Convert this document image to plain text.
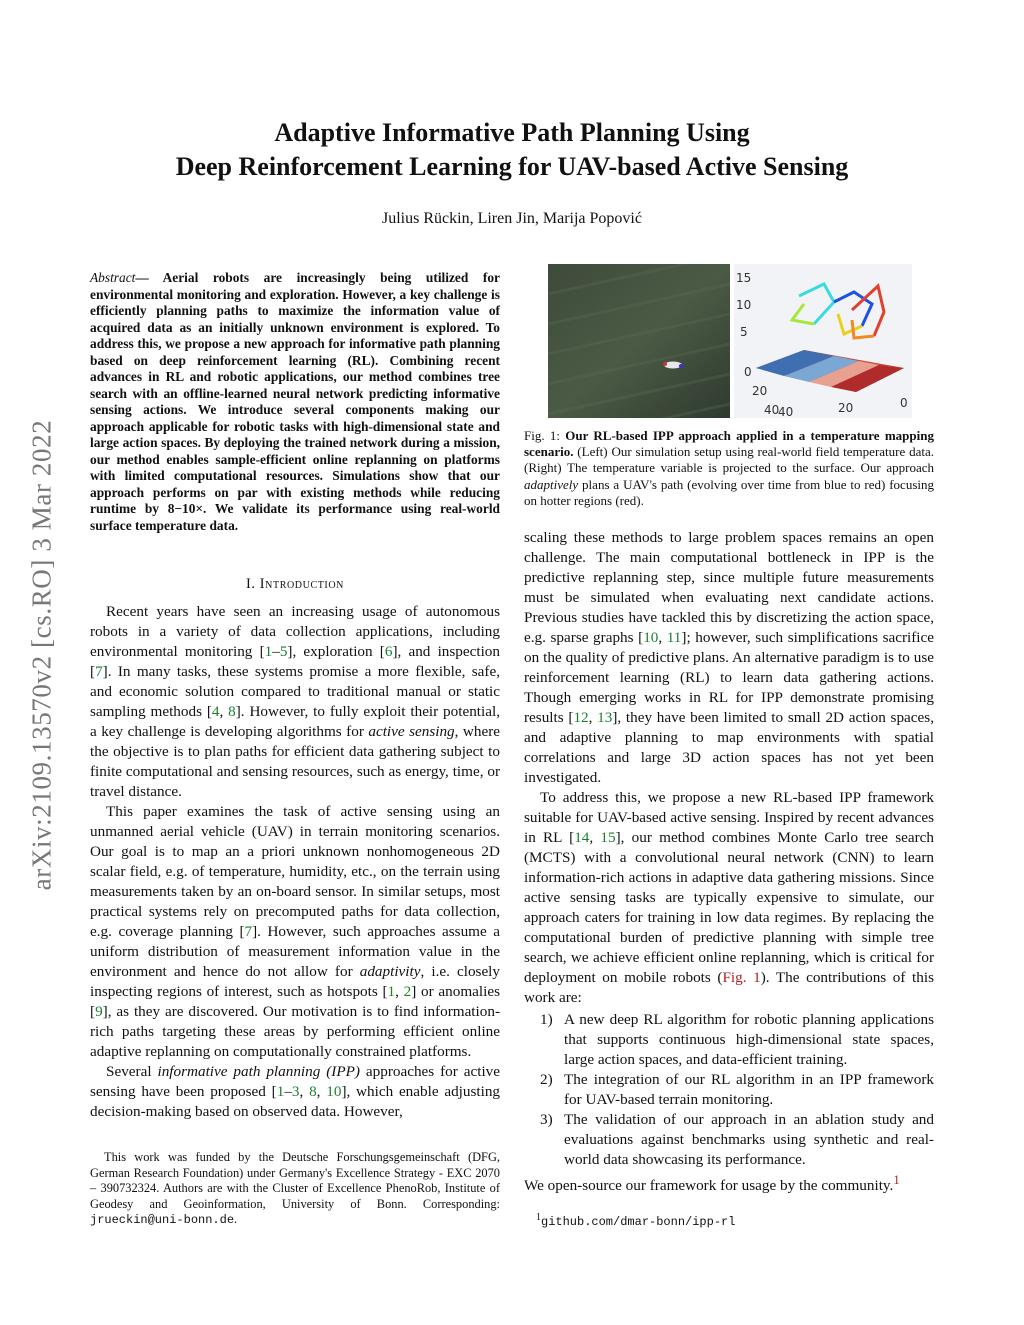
arXiv:2109.13570v2 [cs.RO] 3 Mar 2022
Adaptive Informative Path Planning Using
Deep Reinforcement Learning for UAV-based Active Sensing
Julius Rückin, Liren Jin, Marija Popović
Abstract— Aerial robots are increasingly being utilized for environmental monitoring and exploration. However, a key challenge is efficiently planning paths to maximize the information value of acquired data as an initially unknown environment is explored. To address this, we propose a new approach for informative path planning based on deep reinforcement learning (RL). Combining recent advances in RL and robotic applications, our method combines tree search with an offline-learned neural network predicting informative sensing actions. We introduce several components making our approach applicable for robotic tasks with high-dimensional state and large action spaces. By deploying the trained network during a mission, our method enables sample-efficient online replanning on platforms with limited computational resources. Simulations show that our approach performs on par with existing methods while reducing runtime by 8−10×. We validate its performance using real-world surface temperature data.
I. Introduction

Recent years have seen an increasing usage of autonomous robots in a variety of data collection applications, including environmental monitoring [1–5], exploration [6], and inspection [7]. In many tasks, these systems promise a more flexible, safe, and economic solution compared to traditional manual or static sampling methods [4, 8]. However, to fully exploit their potential, a key challenge is developing algorithms for active sensing, where the objective is to plan paths for efficient data gathering subject to finite computational and sensing resources, such as energy, time, or travel distance.

This paper examines the task of active sensing using an unmanned aerial vehicle (UAV) in terrain monitoring scenarios. Our goal is to map an a priori unknown nonhomogeneous 2D scalar field, e.g. of temperature, humidity, etc., on the terrain using measurements taken by an on-board sensor. In similar setups, most practical systems rely on precomputed paths for data collection, e.g. coverage planning [7]. However, such approaches assume a uniform distribution of measurement information value in the environment and hence do not allow for adaptivity, i.e. closely inspecting regions of interest, such as hotspots [1, 2] or anomalies [9], as they are discovered. Our motivation is to find information-rich paths targeting these areas by performing efficient online adaptive replanning on computationally constrained platforms.

Several informative path planning (IPP) approaches for active sensing have been proposed [1–3, 8, 10], which enable adjusting decision-making based on observed data. However,

This work was funded by the Deutsche Forschungsgemeinschaft (DFG, German Research Foundation) under Germany's Excellence Strategy - EXC 2070 – 390732324. Authors are with the Cluster of Excellence PhenoRob, Institute of Geodesy and Geoinformation, University of Bonn. Corresponding: jrueckin@uni-bonn.de.

15
10
5
0
20
40
40	20	0
Fig. 1: Our RL-based IPP approach applied in a temperature mapping scenario. (Left) Our simulation setup using real-world field temperature data. (Right) The temperature variable is projected to the surface. Our approach adaptively plans a UAV's path (evolving over time from blue to red) focusing on hotter regions (red).

scaling these methods to large problem spaces remains an open challenge. The main computational bottleneck in IPP is the predictive replanning step, since multiple future measurements must be simulated when evaluating next candidate actions. Previous studies have tackled this by discretizing the action space, e.g. sparse graphs [10, 11]; however, such simplifications sacrifice on the quality of predictive plans. An alternative paradigm is to use reinforcement learning (RL) to learn data gathering actions. Though emerging works in RL for IPP demonstrate promising results [12, 13], they have been limited to small 2D action spaces, and adaptive planning to map environments with spatial correlations and large 3D action spaces has not yet been investigated.

To address this, we propose a new RL-based IPP framework suitable for UAV-based active sensing. Inspired by recent advances in RL [14, 15], our method combines Monte Carlo tree search (MCTS) with a convolutional neural network (CNN) to learn information-rich actions in adaptive data gathering missions. Since active sensing tasks are typically expensive to simulate, our approach caters for training in low data regimes. By replacing the computational burden of predictive planning with simple tree search, we achieve efficient online replanning, which is critical for deployment on mobile robots (Fig. 1). The contributions of this work are:

1) A new deep RL algorithm for robotic planning applications that supports continuous high-dimensional state spaces, large action spaces, and data-efficient training.
2) The integration of our RL algorithm in an IPP framework for UAV-based terrain monitoring.
3) The validation of our approach in an ablation study and evaluations against benchmarks using synthetic and real-world data showcasing its performance.

We open-source our framework for usage by the community.$^1$

$^1$github.com/dmar-bonn/ipp-rl
